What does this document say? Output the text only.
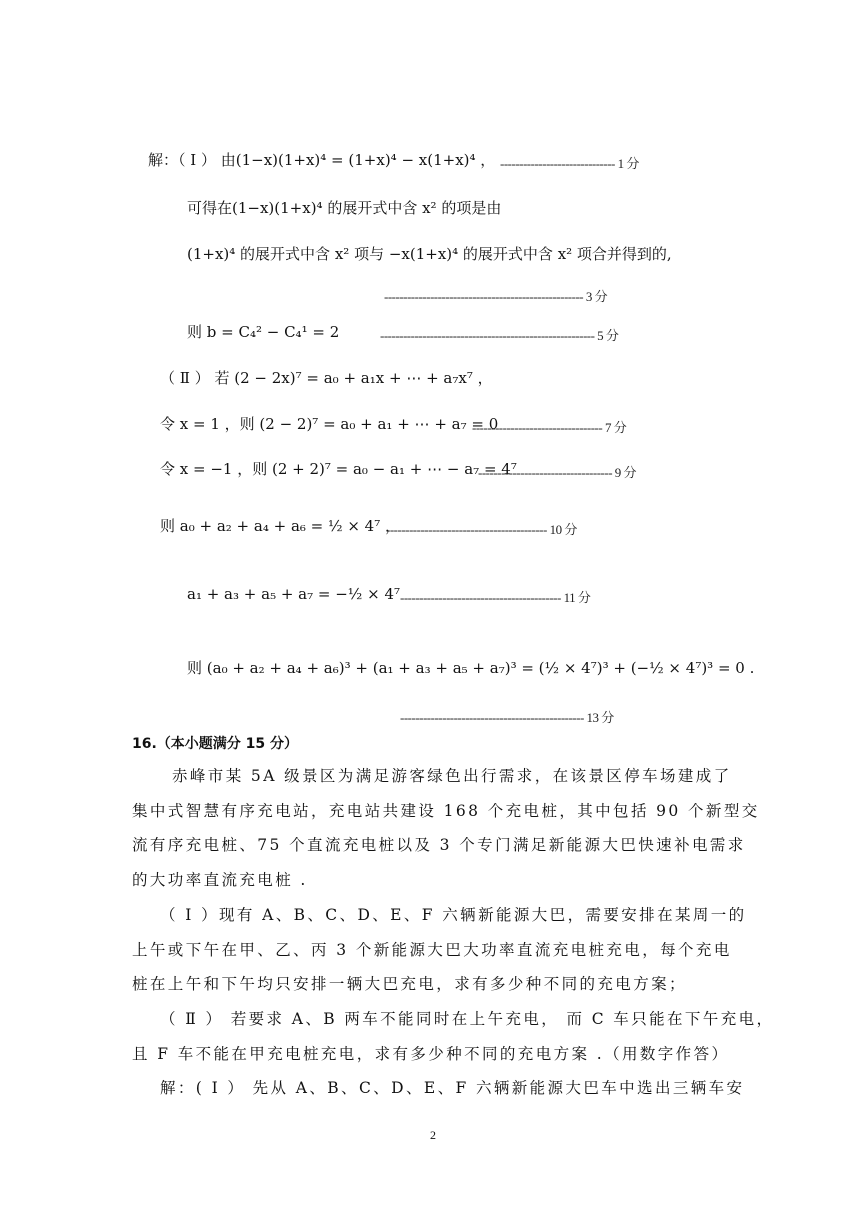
解：（ Ⅰ ） 由(1−x)(1+x)⁴ = (1+x)⁴ − x(1+x)⁴ ， ------------------------------ 1 分
可得在(1−x)(1+x)⁴ 的展开式中含 x² 的项是由
(1+x)⁴ 的展开式中含 x² 项与 −x(1+x)⁴ 的展开式中含 x² 项合并得到的,
---------------------------------------------------- 3 分
则 b = C₄² − C₄¹ = 2	-------------------------------------------------------- 5 分
（ Ⅱ ） 若 (2 − 2x)⁷ = a₀ + a₁x + ⋯ + a₇x⁷ ，
令 x = 1 ，则 (2 − 2)⁷ = a₀ + a₁ + ⋯ + a₇ = 0
---------------------------------- 7 分
令 x = −1 ，则 (2 + 2)⁷ = a₀ − a₁ + ⋯ − a₇ = 4⁷
----------------------------------- 9 分
则 a₀ + a₂ + a₄ + a₆ = ½ × 4⁷ ，
------------------------------------------ 10 分
a₁ + a₃ + a₅ + a₇ = −½ × 4⁷ ------------------------------------------ 11 分
则 (a₀ + a₂ + a₄ + a₆)³ + (a₁ + a₃ + a₅ + a₇)³ = (½ × 4⁷)³ + (−½ × 4⁷)³ = 0 .
------------------------------------------------ 13 分
16.（本小题满分 15 分）
赤峰市某 5A 级景区为满足游客绿色出行需求，在该景区停车场建成了
集中式智慧有序充电站，充电站共建设 168 个充电桩，其中包括 90 个新型交
流有序充电桩、75 个直流充电桩以及 3 个专门满足新能源大巴快速补电需求
的大功率直流充电桩 .
（ Ⅰ ）现有 A、B、C、D、E、F 六辆新能源大巴，需要安排在某周一的
上午或下午在甲、乙、丙 3 个新能源大巴大功率直流充电桩充电，每个充电
桩在上午和下午均只安排一辆大巴充电，求有多少种不同的充电方案；
（ Ⅱ ） 若要求 A、B 两车不能同时在上午充电， 而 C 车只能在下午充电，
且 F 车不能在甲充电桩充电，求有多少种不同的充电方案 .（用数字作答）
解：( Ⅰ ） 先从 A、B、C、D、E、F 六辆新能源大巴车中选出三辆车安
2
